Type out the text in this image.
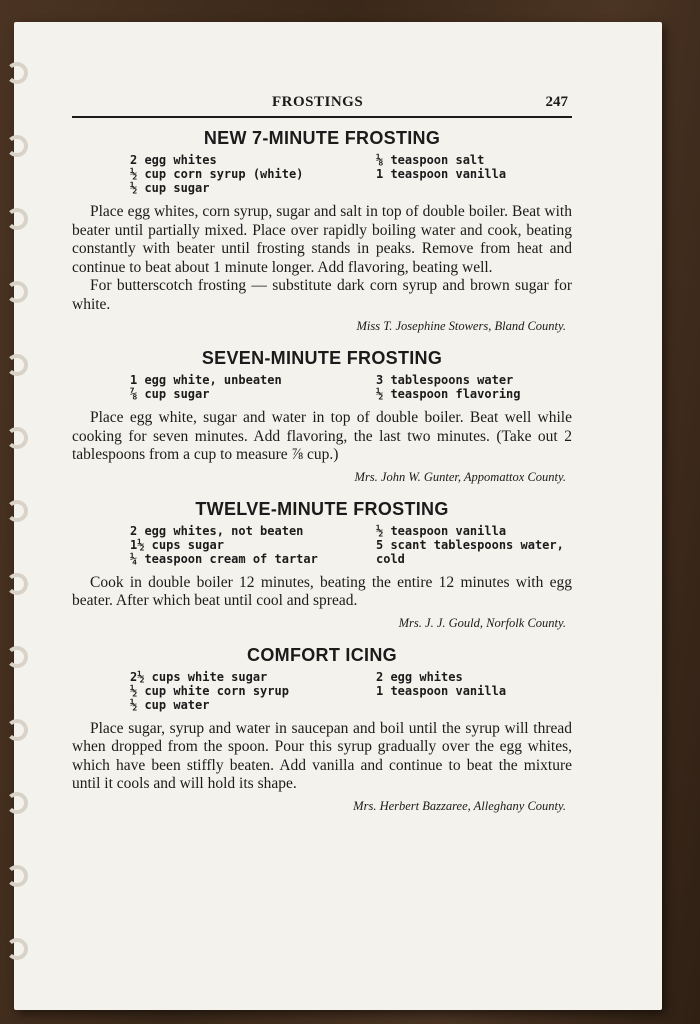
FROSTINGS	247
NEW 7-MINUTE FROSTING
2 egg whites
½ cup corn syrup (white)
½ cup sugar
⅛ teaspoon salt
1 teaspoon vanilla

Place egg whites, corn syrup, sugar and salt in top of double boiler. Beat with beater until partially mixed. Place over rapidly boiling water and cook, beating constantly with beater until frosting stands in peaks. Remove from heat and continue to beat about 1 minute longer. Add flavoring, beating well.

For butterscotch frosting — substitute dark corn syrup and brown sugar for white.

Miss T. Josephine Stowers, Bland County.
SEVEN-MINUTE FROSTING
1 egg white, unbeaten
⅞ cup sugar
3 tablespoons water
½ teaspoon flavoring

Place egg white, sugar and water in top of double boiler. Beat well while cooking for seven minutes. Add flavoring, the last two minutes. (Take out 2 tablespoons from a cup to measure ⅞ cup.)

Mrs. John W. Gunter, Appomattox County.
TWELVE-MINUTE FROSTING
2 egg whites, not beaten
1½ cups sugar
¼ teaspoon cream of tartar
½ teaspoon vanilla
5 scant tablespoons water, cold

Cook in double boiler 12 minutes, beating the entire 12 minutes with egg beater. After which beat until cool and spread.

Mrs. J. J. Gould, Norfolk County.
COMFORT ICING
2½ cups white sugar
½ cup white corn syrup
½ cup water
2 egg whites
1 teaspoon vanilla

Place sugar, syrup and water in saucepan and boil until the syrup will thread when dropped from the spoon. Pour this syrup gradually over the egg whites, which have been stiffly beaten. Add vanilla and continue to beat the mixture until it cools and will hold its shape.

Mrs. Herbert Bazzaree, Alleghany County.
